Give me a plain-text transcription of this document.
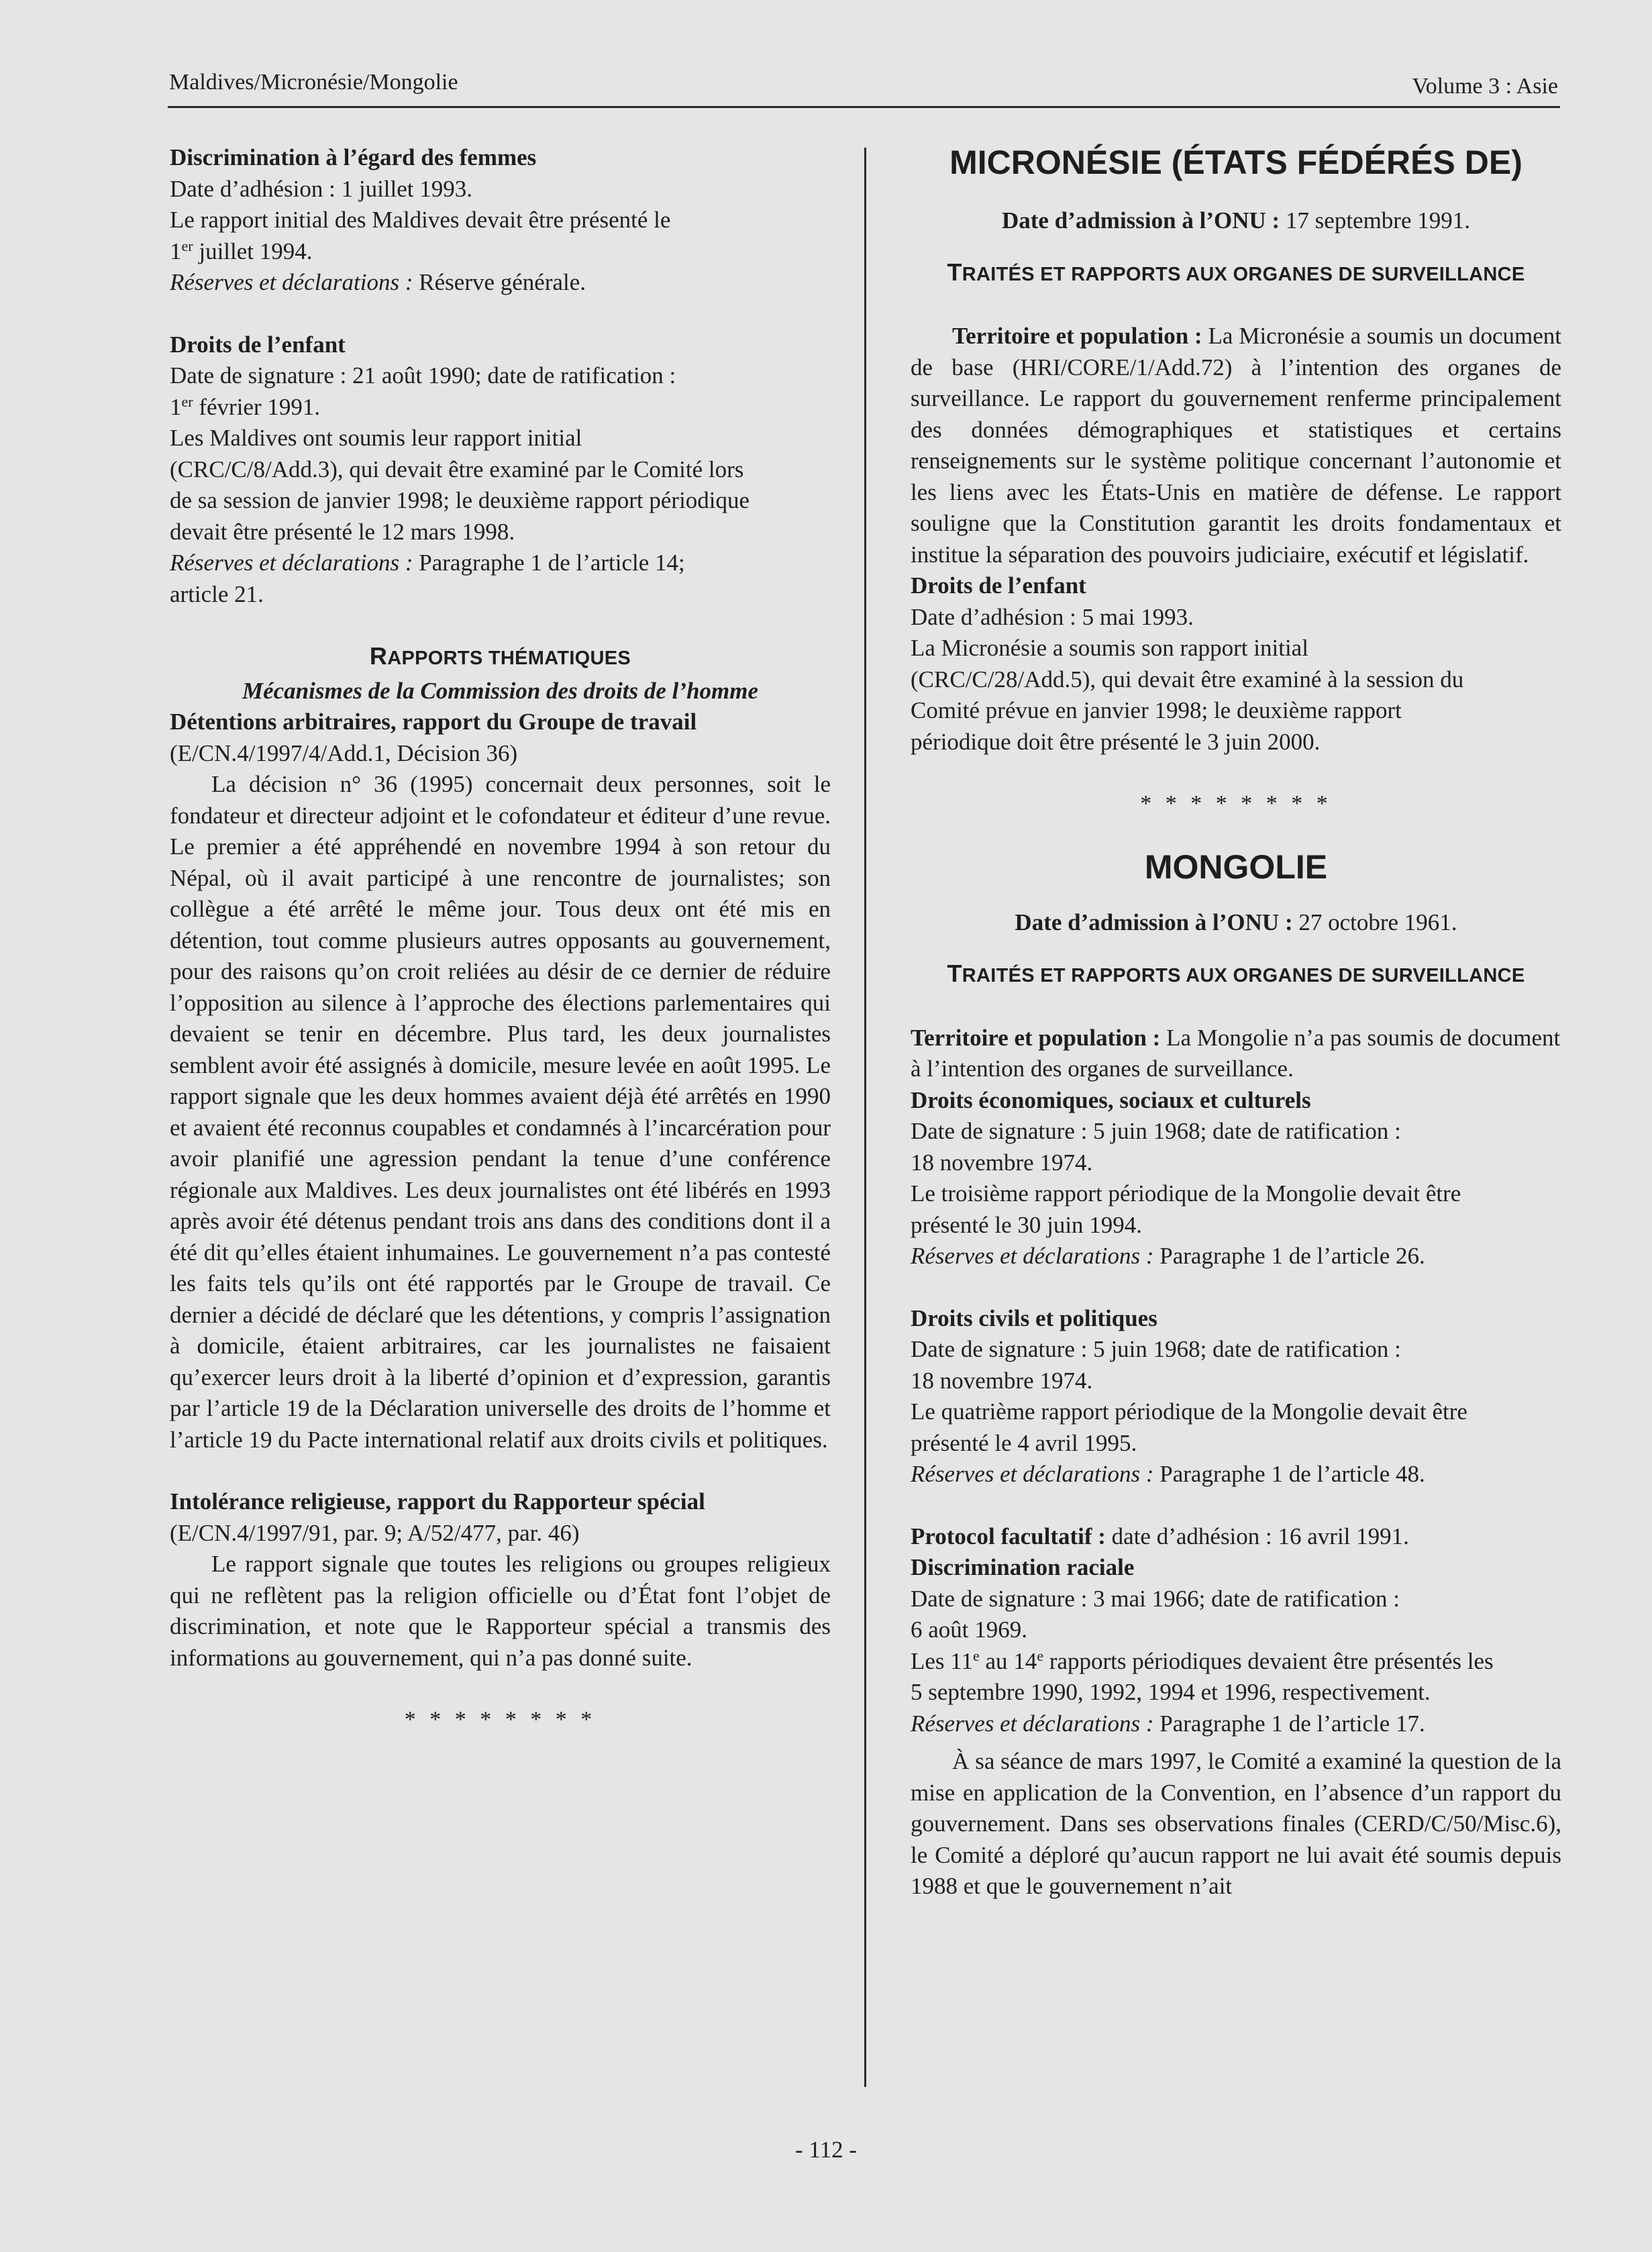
Maldives/Micronésie/Mongolie	Volume 3 : Asie

Discrimination à l’égard des femmes

Date d’adhésion : 1 juillet 1993.

Le rapport initial des Maldives devait être présenté le

1er juillet 1994.

Réserves et déclarations : Réserve générale.

Droits de l’enfant

Date de signature : 21 août 1990; date de ratification :

1er février 1991.

Les Maldives ont soumis leur rapport initial

(CRC/C/8/Add.3), qui devait être examiné par le Comité lors

de sa session de janvier 1998; le deuxième rapport périodique

devait être présenté le 12 mars 1998.

Réserves et déclarations : Paragraphe 1 de l’article 14;

article 21.

RAPPORTS THÉMATIQUES

Mécanismes de la Commission des droits de l’homme

Détentions arbitraires, rapport du Groupe de travail

(E/CN.4/1997/4/Add.1, Décision 36)

La décision n° 36 (1995) concernait deux personnes, soit le fondateur et directeur adjoint et le cofondateur et éditeur d’une revue. Le premier a été appréhendé en novembre 1994 à son retour du Népal, où il avait participé à une rencontre de journalistes; son collègue a été arrêté le même jour. Tous deux ont été mis en détention, tout comme plusieurs autres opposants au gouvernement, pour des raisons qu’on croit reliées au désir de ce dernier de réduire l’opposition au silence à l’approche des élections parlementaires qui devaient se tenir en décembre. Plus tard, les deux journalistes semblent avoir été assignés à domicile, mesure levée en août 1995. Le rapport signale que les deux hommes avaient déjà été arrêtés en 1990 et avaient été reconnus coupables et condamnés à l’incarcération pour avoir planifié une agression pendant la tenue d’une conférence régionale aux Maldives. Les deux journalistes ont été libérés en 1993 après avoir été détenus pendant trois ans dans des conditions dont il a été dit qu’elles étaient inhumaines. Le gouvernement n’a pas contesté les faits tels qu’ils ont été rapportés par le Groupe de travail. Ce dernier a décidé de déclaré que les détentions, y compris l’assignation à domicile, étaient arbitraires, car les journalistes ne faisaient qu’exercer leurs droit à la liberté d’opinion et d’expression, garantis par l’article 19 de la Déclaration universelle des droits de l’homme et l’article 19 du Pacte international relatif aux droits civils et politiques.

Intolérance religieuse, rapport du Rapporteur spécial

(E/CN.4/1997/91, par. 9; A/52/477, par. 46)

Le rapport signale que toutes les religions ou groupes religieux qui ne reflètent pas la religion officielle ou d’État font l’objet de discrimination, et note que le Rapporteur spécial a transmis des informations au gouvernement, qui n’a pas donné suite.

* * * * * * * *

MICRONÉSIE (ÉTATS FÉDÉRÉS DE)

Date d’admission à l’ONU : 17 septembre 1991.

TRAITÉS ET RAPPORTS AUX ORGANES DE SURVEILLANCE

Territoire et population : La Micronésie a soumis un document de base (HRI/CORE/1/Add.72) à l’intention des organes de surveillance. Le rapport du gouvernement renferme principalement des données démographiques et statistiques et certains renseignements sur le système politique concernant l’autonomie et les liens avec les États-Unis en matière de défense. Le rapport souligne que la Constitution garantit les droits fondamentaux et institue la séparation des pouvoirs judiciaire, exécutif et législatif.

Droits de l’enfant

Date d’adhésion : 5 mai 1993.

La Micronésie a soumis son rapport initial

(CRC/C/28/Add.5), qui devait être examiné à la session du

Comité prévue en janvier 1998; le deuxième rapport

périodique doit être présenté le 3 juin 2000.

* * * * * * * *

MONGOLIE

Date d’admission à l’ONU : 27 octobre 1961.

TRAITÉS ET RAPPORTS AUX ORGANES DE SURVEILLANCE

Territoire et population : La Mongolie n’a pas soumis de document à l’intention des organes de surveillance.

Droits économiques, sociaux et culturels

Date de signature : 5 juin 1968; date de ratification :

18 novembre 1974.

Le troisième rapport périodique de la Mongolie devait être

présenté le 30 juin 1994.

Réserves et déclarations : Paragraphe 1 de l’article 26.

Droits civils et politiques

Date de signature : 5 juin 1968; date de ratification :

18 novembre 1974.

Le quatrième rapport périodique de la Mongolie devait être

présenté le 4 avril 1995.

Réserves et déclarations : Paragraphe 1 de l’article 48.

Protocol facultatif : date d’adhésion : 16 avril 1991.

Discrimination raciale

Date de signature : 3 mai 1966; date de ratification :

6 août 1969.

Les 11e au 14e rapports périodiques devaient être présentés les

5 septembre 1990, 1992, 1994 et 1996, respectivement.

Réserves et déclarations : Paragraphe 1 de l’article 17.

À sa séance de mars 1997, le Comité a examiné la question de la mise en application de la Convention, en l’absence d’un rapport du gouvernement. Dans ses observations finales (CERD/C/50/Misc.6), le Comité a déploré qu’aucun rapport ne lui avait été soumis depuis 1988 et que le gouvernement n’ait

- 112 -
